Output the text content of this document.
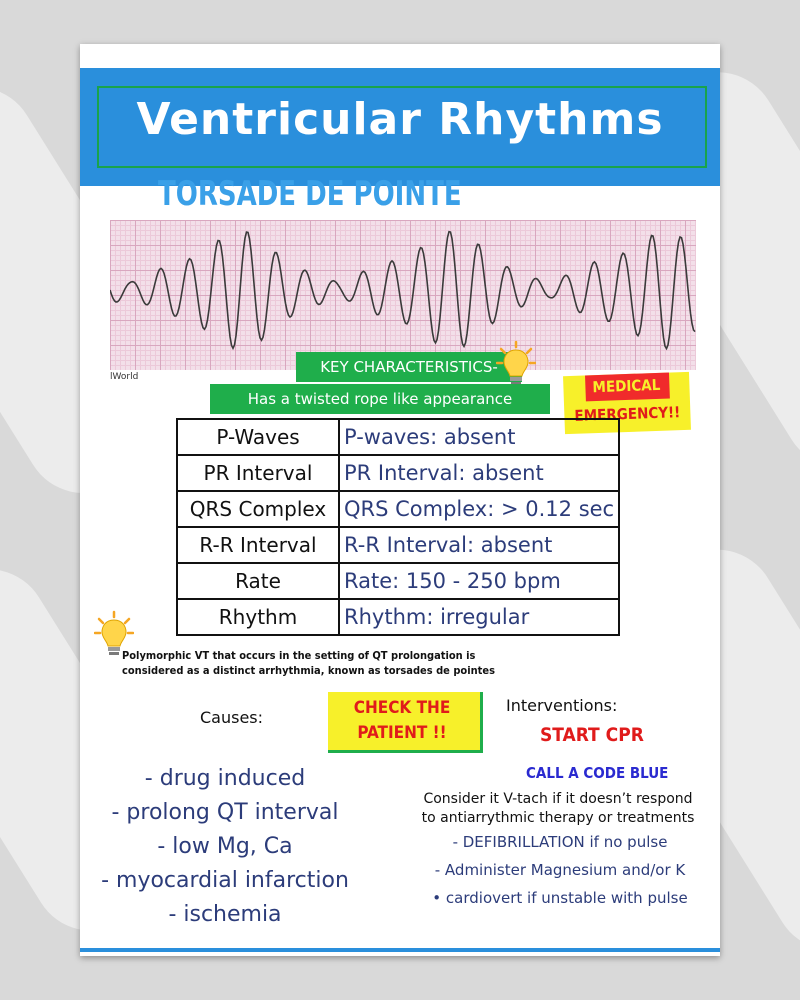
Ventricular Rhythms
TORSADE DE POINTE
lWorld
KEY CHARACTERISTICS-
Has a twisted rope like appearance
MEDICAL
EMERGENCY!!
P-Waves	P-waves: absent
PR Interval	PR Interval: absent
QRS Complex	QRS Complex: > 0.12 sec
R-R Interval	R-R Interval: absent
Rate	Rate: 150 - 250 bpm
Rhythm	Rhythm: irregular
Polymorphic VT that occurs in the setting of QT prolongation is
considered as a distinct arrhythmia, known as torsades de pointes
Causes:	CHECK THE
PATIENT !!
- drug induced
- prolong QT interval
- low Mg, Ca
- myocardial infarction
- ischemia
Interventions:
START CPR
CALL A CODE BLUE
Consider it V-tach if it doesn’t respond
to antiarrythmic therapy or treatments
- DEFIBRILLATION if no pulse
- Administer Magnesium and/or K
• cardiovert if unstable with pulse
